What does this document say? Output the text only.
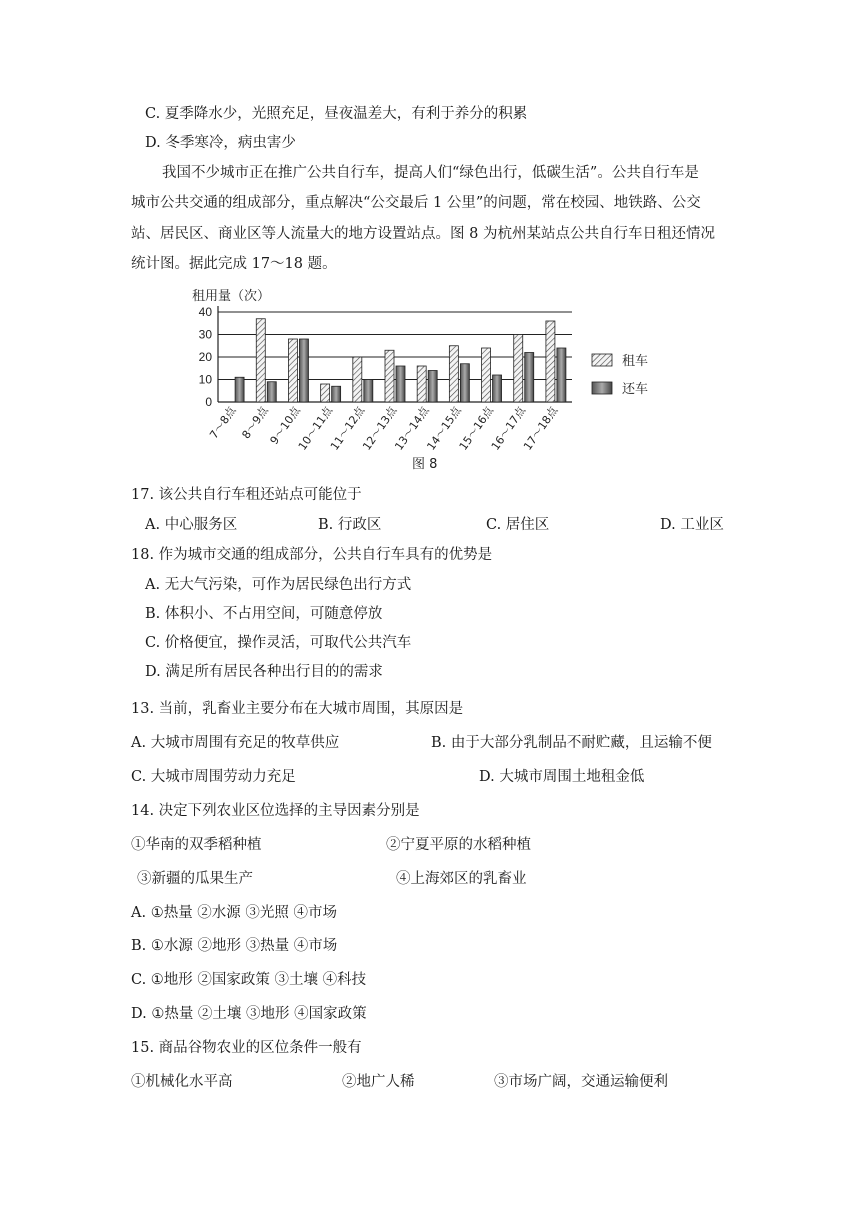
C. 夏季降水少，光照充足，昼夜温差大，有利于养分的积累
D. 冬季寒冷，病虫害少
我国不少城市正在推广公共自行车，提高人们“绿色出行，低碳生活”。公共自行车是
城市公共交通的组成部分，重点解决“公交最后 1 公里”的问题，常在校园、地铁路、公交
站、居民区、商业区等人流量大的地方设置站点。图 8 为杭州某站点公共自行车日租还情况
统计图。据此完成 17～18 题。
租用量（次）
0
10
20
30
40
7～8点 8～9点
9～10点
10～11点
11～12点
12～13点
13～14点
14～15点
15～16点
16～17点
17～18点
租车
还车
图 8
17. 该公共自行车租还站点可能位于
A. 中心服务区	B. 行政区	C. 居住区	D. 工业区
18. 作为城市交通的组成部分，公共自行车具有的优势是
A. 无大气污染，可作为居民绿色出行方式
B. 体积小、不占用空间，可随意停放
C. 价格便宜，操作灵活，可取代公共汽车
D. 满足所有居民各种出行目的的需求
13. 当前，乳畜业主要分布在大城市周围，其原因是
A. 大城市周围有充足的牧草供应	B. 由于大部分乳制品不耐贮藏，且运输不便
C. 大城市周围劳动力充足	D. 大城市周围土地租金低
14. 决定下列农业区位选择的主导因素分别是
①华南的双季稻种植	②宁夏平原的水稻种植
③新疆的瓜果生产	④上海郊区的乳畜业
A. ①热量 ②水源 ③光照 ④市场
B. ①水源 ②地形 ③热量 ④市场
C. ①地形 ②国家政策 ③土壤 ④科技
D. ①热量 ②土壤 ③地形 ④国家政策
15. 商品谷物农业的区位条件一般有
①机械化水平高	②地广人稀	③市场广阔，交通运输便利
